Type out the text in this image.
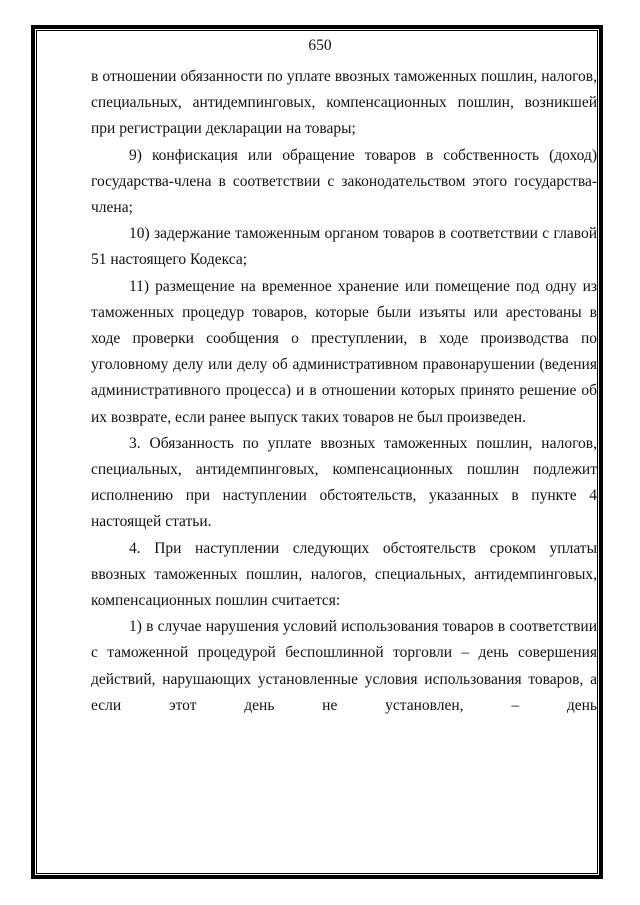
650

в отношении обязанности по уплате ввозных таможенных пошлин, налогов, специальных, антидемпинговых, компенсационных пошлин, возникшей при регистрации декларации на товары;

9) конфискация или обращение товаров в собственность (доход) государства-члена в соответствии с законодательством этого государства-члена;

10) задержание таможенным органом товаров в соответствии с главой 51 настоящего Кодекса;

11) размещение на временное хранение или помещение под одну из таможенных процедур товаров, которые были изъяты или арестованы в ходе проверки сообщения о преступлении, в ходе производства по уголовному делу или делу об административном правонарушении (ведения административного процесса) и в отношении которых принято решение об их возврате, если ранее выпуск таких товаров не был произведен.

3. Обязанность по уплате ввозных таможенных пошлин, налогов, специальных, антидемпинговых, компенсационных пошлин подлежит исполнению при наступлении обстоятельств, указанных в пункте 4 настоящей статьи.

4. При наступлении следующих обстоятельств сроком уплаты ввозных таможенных пошлин, налогов, специальных, антидемпинговых, компенсационных пошлин считается:

1) в случае нарушения условий использования товаров в соответствии с таможенной процедурой беспошлинной торговли – день совершения действий, нарушающих установленные условия использования товаров, а если этот день не установлен, – день
